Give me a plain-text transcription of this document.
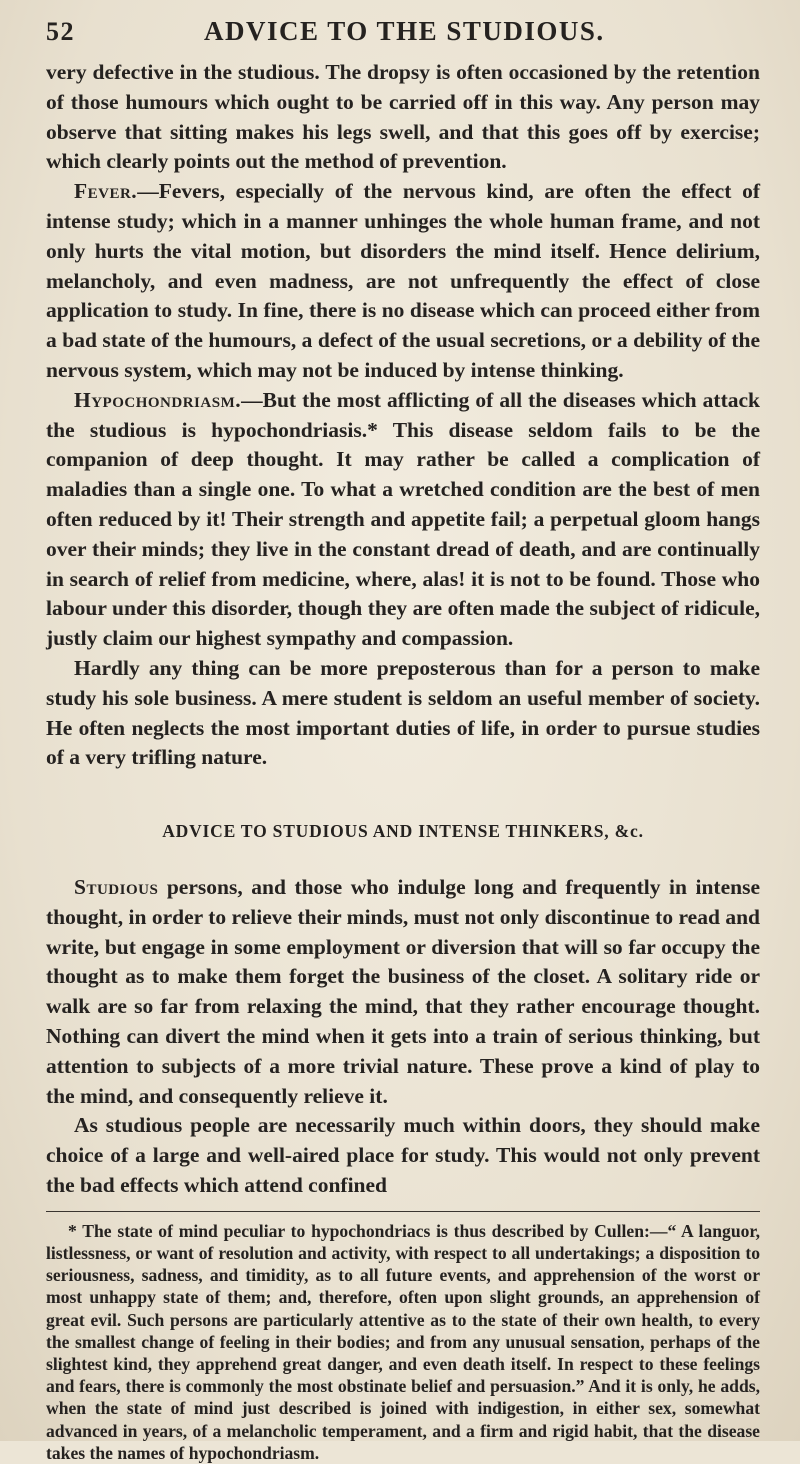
52	ADVICE TO THE STUDIOUS.

very defective in the studious. The dropsy is often occasioned by the retention of those humours which ought to be carried off in this way. Any person may observe that sitting makes his legs swell, and that this goes off by exercise; which clearly points out the method of prevention.

Fever.—Fevers, especially of the nervous kind, are often the effect of intense study; which in a manner unhinges the whole human frame, and not only hurts the vital motion, but disorders the mind itself. Hence delirium, melancholy, and even madness, are not unfrequently the effect of close application to study. In fine, there is no disease which can proceed either from a bad state of the humours, a defect of the usual secretions, or a debility of the nervous system, which may not be induced by intense thinking.

Hypochondriasm.—But the most afflicting of all the diseases which attack the studious is hypochondriasis.* This disease seldom fails to be the companion of deep thought. It may rather be called a complication of maladies than a single one. To what a wretched condition are the best of men often reduced by it! Their strength and appetite fail; a perpetual gloom hangs over their minds; they live in the constant dread of death, and are continually in search of relief from medicine, where, alas! it is not to be found. Those who labour under this disorder, though they are often made the subject of ridicule, justly claim our highest sympathy and compassion.

Hardly any thing can be more preposterous than for a person to make study his sole business. A mere student is seldom an useful member of society. He often neglects the most important duties of life, in order to pursue studies of a very trifling nature.

ADVICE TO STUDIOUS AND INTENSE THINKERS, &c.

Studious persons, and those who indulge long and frequently in intense thought, in order to relieve their minds, must not only discontinue to read and write, but engage in some employment or diversion that will so far occupy the thought as to make them forget the business of the closet. A solitary ride or walk are so far from relaxing the mind, that they rather encourage thought. Nothing can divert the mind when it gets into a train of serious thinking, but attention to subjects of a more trivial nature. These prove a kind of play to the mind, and consequently relieve it.

As studious people are necessarily much within doors, they should make choice of a large and well-aired place for study. This would not only prevent the bad effects which attend confined

* The state of mind peculiar to hypochondriacs is thus described by Cullen:—“ A languor, listlessness, or want of resolution and activity, with respect to all undertakings; a disposition to seriousness, sadness, and timidity, as to all future events, and apprehension of the worst or most unhappy state of them; and, therefore, often upon slight grounds, an apprehension of great evil. Such persons are particularly attentive as to the state of their own health, to every the smallest change of feeling in their bodies; and from any unusual sensation, perhaps of the slightest kind, they apprehend great danger, and even death itself. In respect to these feelings and fears, there is commonly the most obstinate belief and persuasion.” And it is only, he adds, when the state of mind just described is joined with indigestion, in either sex, somewhat advanced in years, of a melancholic temperament, and a firm and rigid habit, that the disease takes the names of hypochondriasm.
